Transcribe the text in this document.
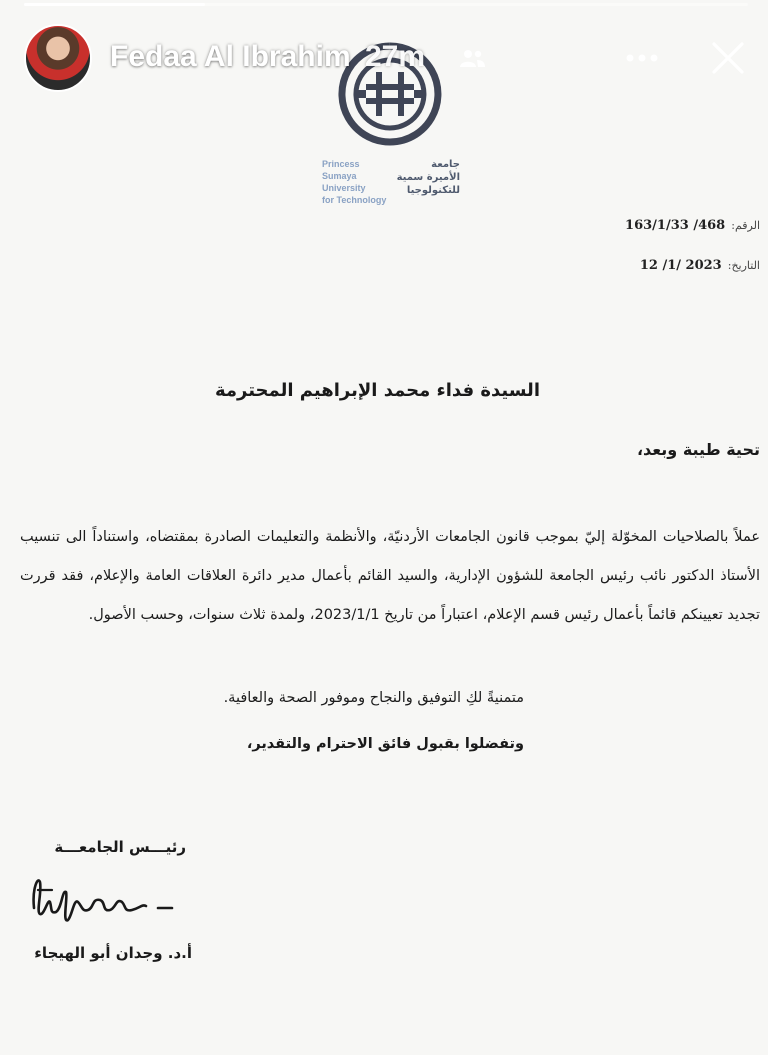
Princess Sumaya
University
for Technology
جامعة
الأميرة سمية
للتكنولوجيا
Fedaa Al Ibrahim 27m
الرقم:163/1/33 /468
التاريخ:12 /1/ 2023
السيدة فداء محمد الإبراهيم المحترمة
تحية طيبة وبعد،
عملاً بالصلاحيات المخوّلة إليّ بموجب قانون الجامعات الأردنيّة، والأنظمة والتعليمات الصادرة بمقتضاه، واستناداً الى تنسيب الأستاذ الدكتور نائب رئيس الجامعة للشؤون الإدارية، والسيد القائم بأعمال مدير دائرة العلاقات العامة والإعلام، فقد قررت تجديد تعيينكم قائماً بأعمال رئيس قسم الإعلام، اعتباراً من تاريخ 2023/1/1، ولمدة ثلاث سنوات، وحسب الأصول.
متمنيةً لكِ التوفيق والنجاح وموفور الصحة والعافية.
وتفضلوا بقبول فائق الاحترام والتقدير،
رئيـــس الجامعـــة
أ.د. وجدان أبو الهيجاء
